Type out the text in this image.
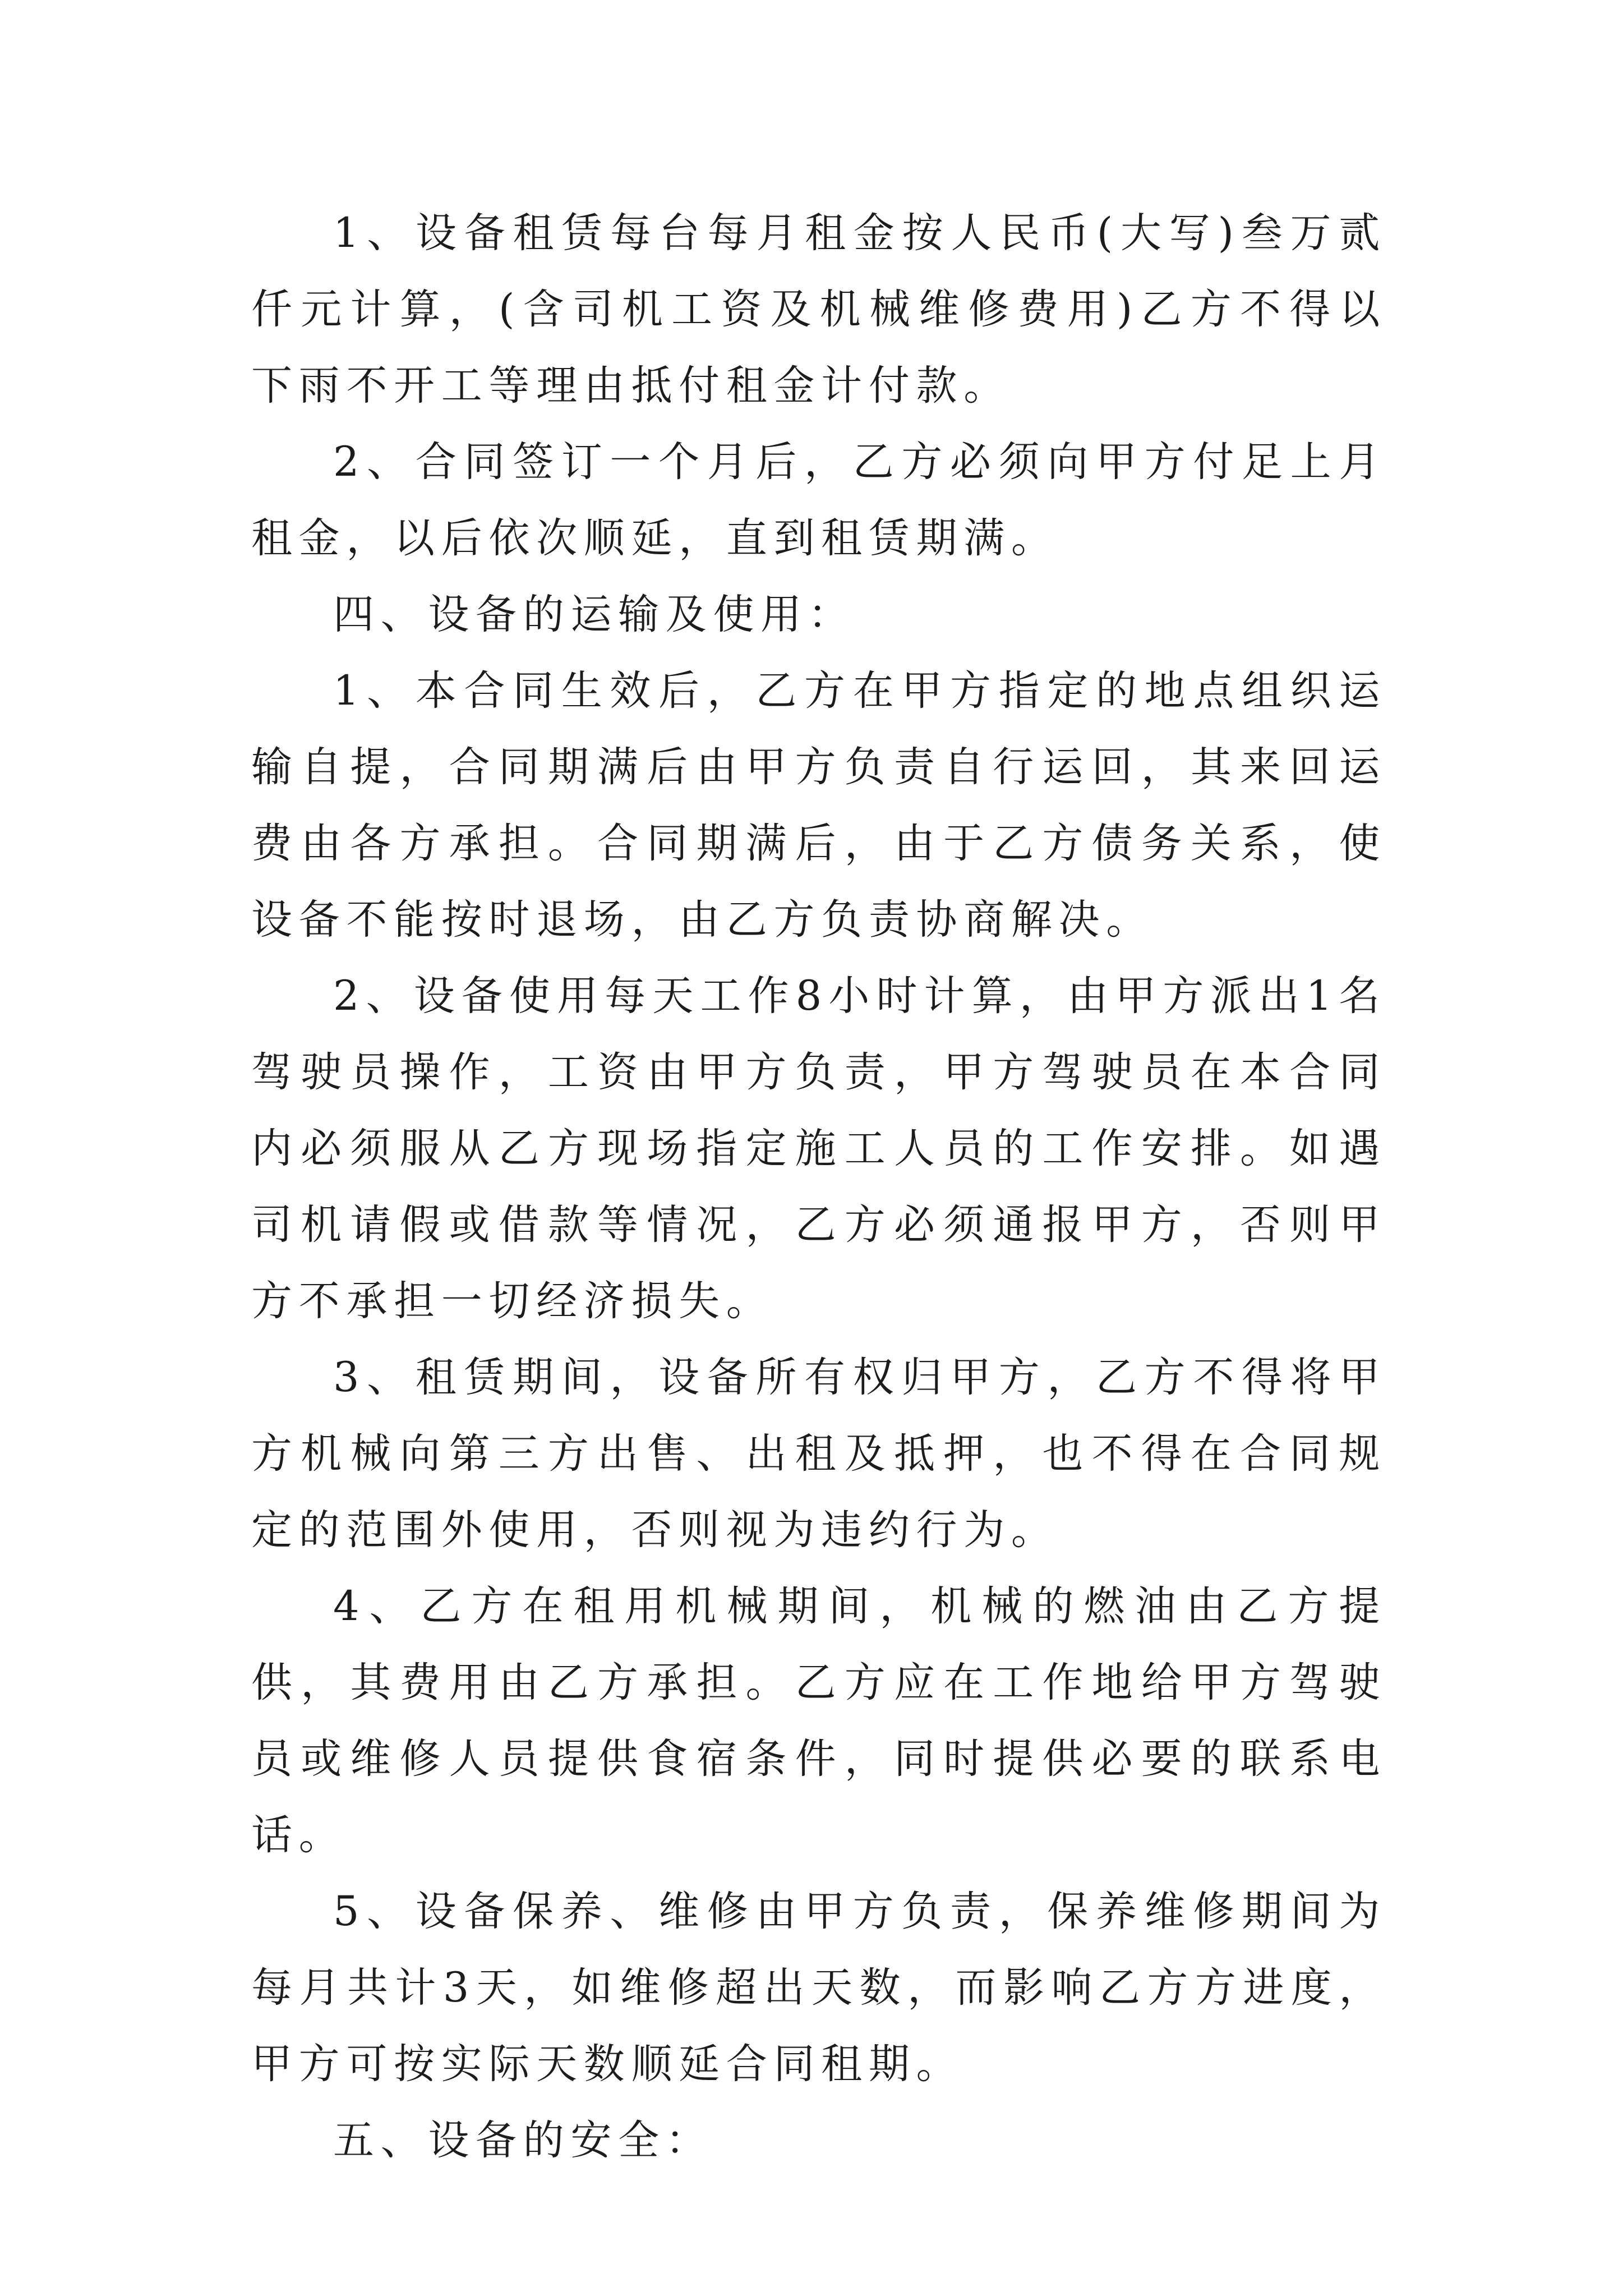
1、设备租赁每台每月租金按人民币(大写)叁万贰仟元计算，(含司机工资及机械维修费用)乙方不得以下雨不开工等理由抵付租金计付款。

2、合同签订一个月后，乙方必须向甲方付足上月租金，以后依次顺延，直到租赁期满。

四、设备的运输及使用：

1、本合同生效后，乙方在甲方指定的地点组织运输自提，合同期满后由甲方负责自行运回，其来回运费由各方承担。合同期满后，由于乙方债务关系，使设备不能按时退场，由乙方负责协商解决。

2、设备使用每天工作8小时计算，由甲方派出1名驾驶员操作，工资由甲方负责，甲方驾驶员在本合同内必须服从乙方现场指定施工人员的工作安排。如遇司机请假或借款等情况，乙方必须通报甲方，否则甲方不承担一切经济损失。

3、租赁期间，设备所有权归甲方，乙方不得将甲方机械向第三方出售、出租及抵押，也不得在合同规定的范围外使用，否则视为违约行为。

4、乙方在租用机械期间，机械的燃油由乙方提供，其费用由乙方承担。乙方应在工作地给甲方驾驶员或维修人员提供食宿条件，同时提供必要的联系电话。

5、设备保养、维修由甲方负责，保养维修期间为每月共计3天，如维修超出天数，而影响乙方方进度，甲方可按实际天数顺延合同租期。

五、设备的安全：
